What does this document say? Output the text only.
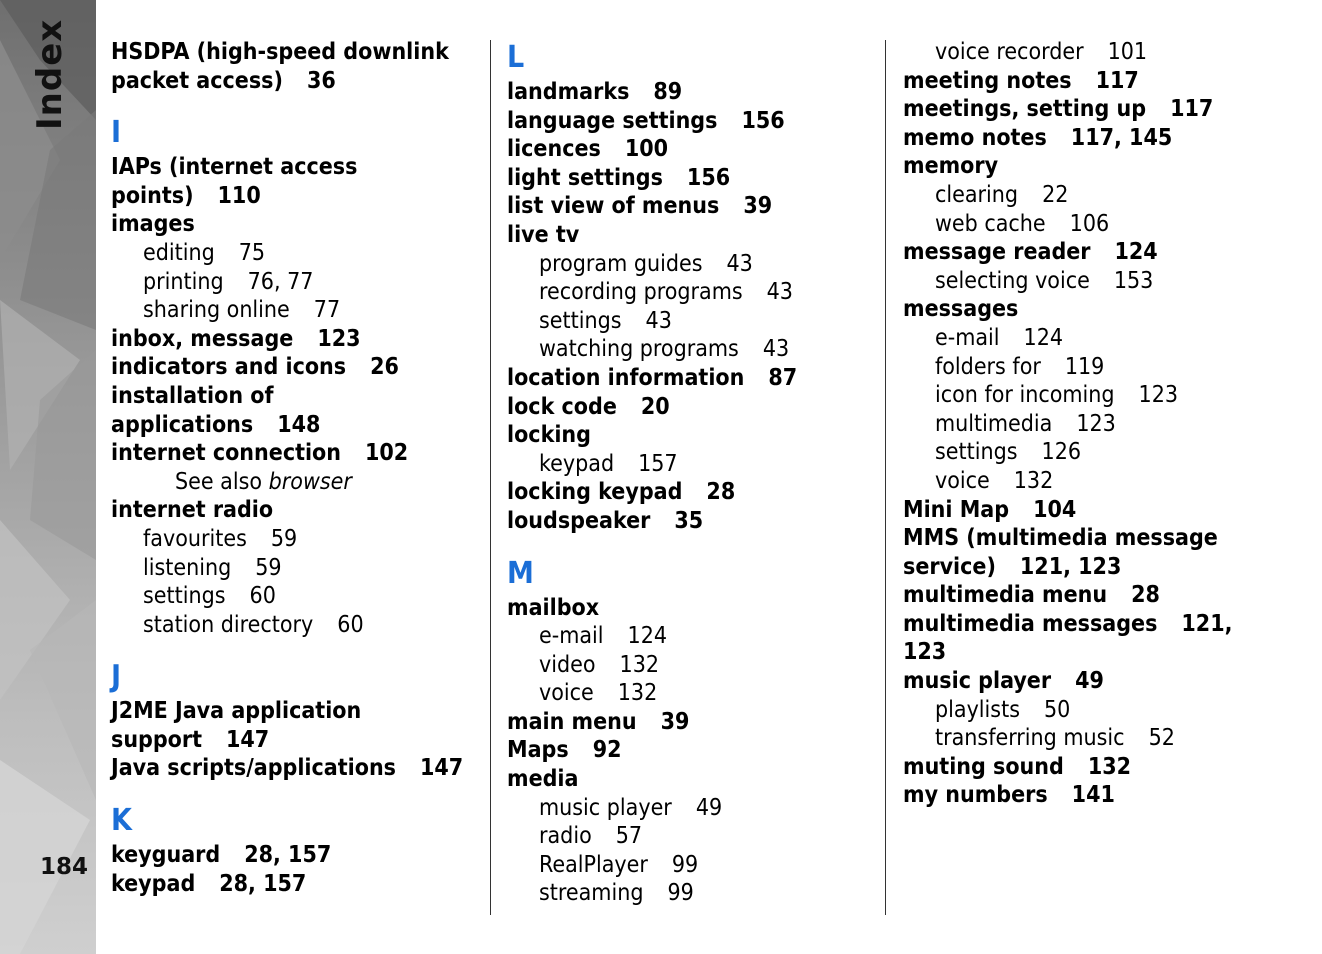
Index
184
HSDPA (high-speed downlink
packet access) 36
I
IAPs (internet access
points) 110
images
editing 75
printing 76, 77
sharing online 77
inbox, message 123
indicators and icons 26
installation of
applications 148
internet connection 102
See also browser
internet radio
favourites 59
listening 59
settings 60
station directory 60
J
J2ME Java application
support 147
Java scripts/applications 147
K
keyguard 28, 157
keypad 28, 157
L
landmarks 89
language settings 156
licences 100
light settings 156
list view of menus 39
live tv
program guides 43
recording programs 43
settings 43
watching programs 43
location information 87
lock code 20
locking
keypad 157
locking keypad 28
loudspeaker 35
M
mailbox
e-mail 124
video 132
voice 132
main menu 39
Maps 92
media
music player 49
radio 57
RealPlayer 99
streaming 99
voice recorder 101
meeting notes 117
meetings, setting up 117
memo notes 117, 145
memory
clearing 22
web cache 106
message reader 124
selecting voice 153
messages
e-mail 124
folders for 119
icon for incoming 123
multimedia 123
settings 126
voice 132
Mini Map 104
MMS (multimedia message
service) 121, 123
multimedia menu 28
multimedia messages 121,
123
music player 49
playlists 50
transferring music 52
muting sound 132
my numbers 141
